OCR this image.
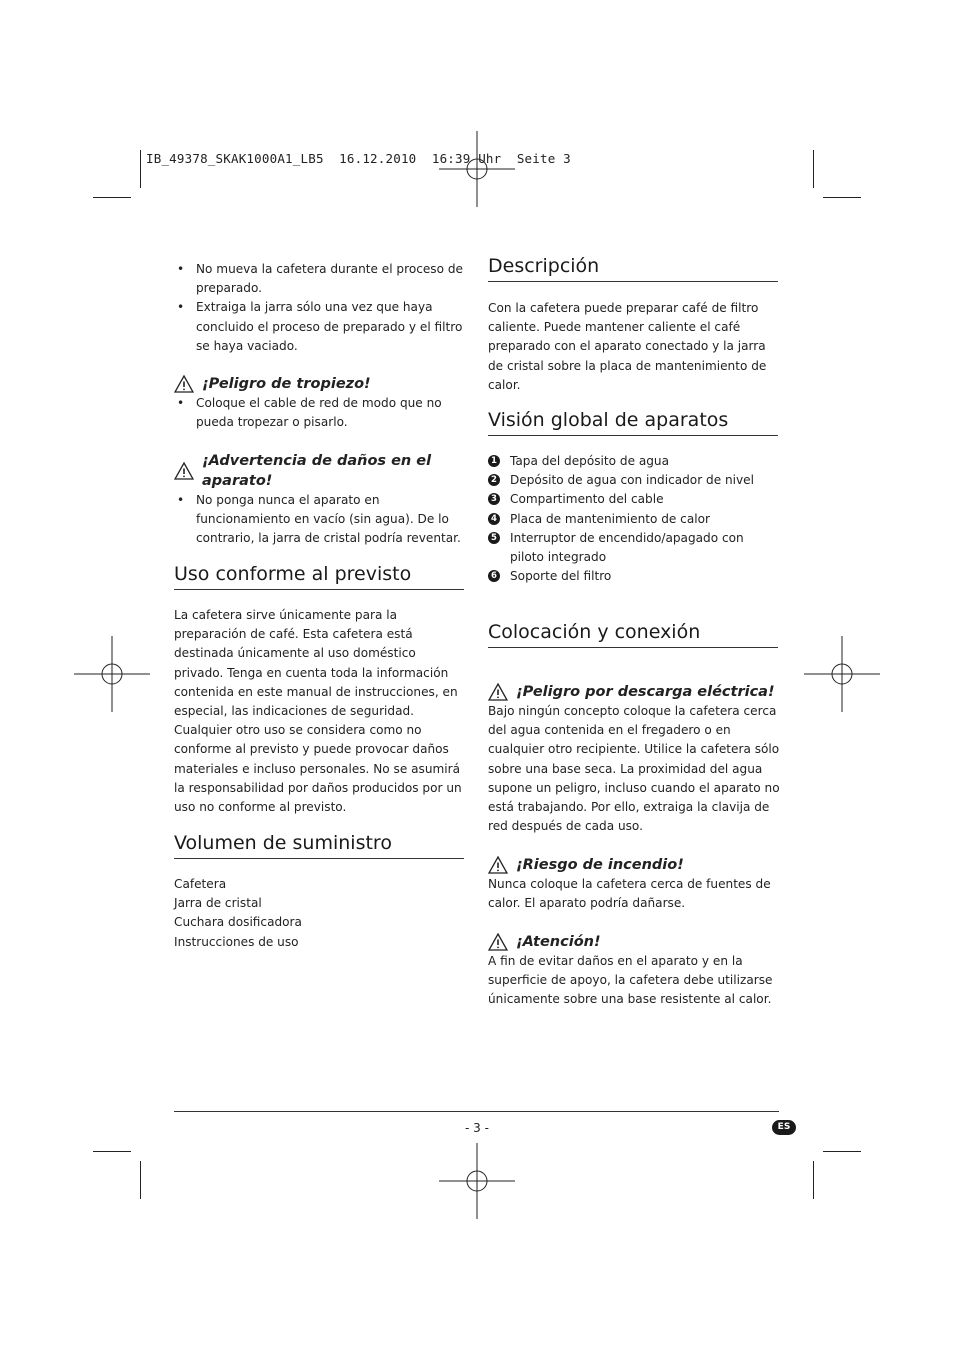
IB_49378_SKAK1000A1_LB5  16.12.2010  16:39 Uhr  Seite 3
• No mueva la cafetera durante el proceso de preparado.
• Extraiga la jarra sólo una vez que haya concluido el proceso de preparado y el filtro se haya vaciado.

¡Peligro de tropiezo!

• Coloque el cable de red de modo que no pueda tropezar o pisarlo.

¡Advertencia de daños en el aparato!

• No ponga nunca el aparato en funcionamiento en vacío (sin agua). De lo contrario, la jarra de cristal podría reventar.
Uso conforme al previsto

La cafetera sirve únicamente para la preparación de café. Esta cafetera está destinada únicamente al uso doméstico privado. Tenga en cuenta toda la información contenida en este manual de instrucciones, en especial, las indicaciones de seguridad. Cualquier otro uso se considera como no conforme al previsto y puede provocar daños materiales e incluso personales. No se asumirá la responsabilidad por daños producidos por un uso no conforme al previsto.

Volumen de suministro
Cafetera
Jarra de cristal
Cuchara dosificadora
Instrucciones de uso
Descripción

Con la cafetera puede preparar café de filtro caliente. Puede mantener caliente el café preparado con el aparato conectado y la jarra de cristal sobre la placa de mantenimiento de calor.

Visión global de aparatos
1 Tapa del depósito de agua
2 Depósito de agua con indicador de nivel
3 Compartimento del cable
4 Placa de mantenimiento de calor
5 Interruptor de encendido/apagado con piloto integrado
6 Soporte del filtro
Colocación y conexión

¡Peligro por descarga eléctrica!

Bajo ningún concepto coloque la cafetera cerca del agua contenida en el fregadero o en cualquier otro recipiente. Utilice la cafetera sólo sobre una base seca. La proximidad del agua supone un peligro, incluso cuando el aparato no está trabajando. Por ello, extraiga la clavija de red después de cada uso.

¡Riesgo de incendio!

Nunca coloque la cafetera cerca de fuentes de calor. El aparato podría dañarse.

¡Atención!

A fin de evitar daños en el aparato y en la superficie de apoyo, la cafetera debe utilizarse únicamente sobre una base resistente al calor.

- 3 -	ES
